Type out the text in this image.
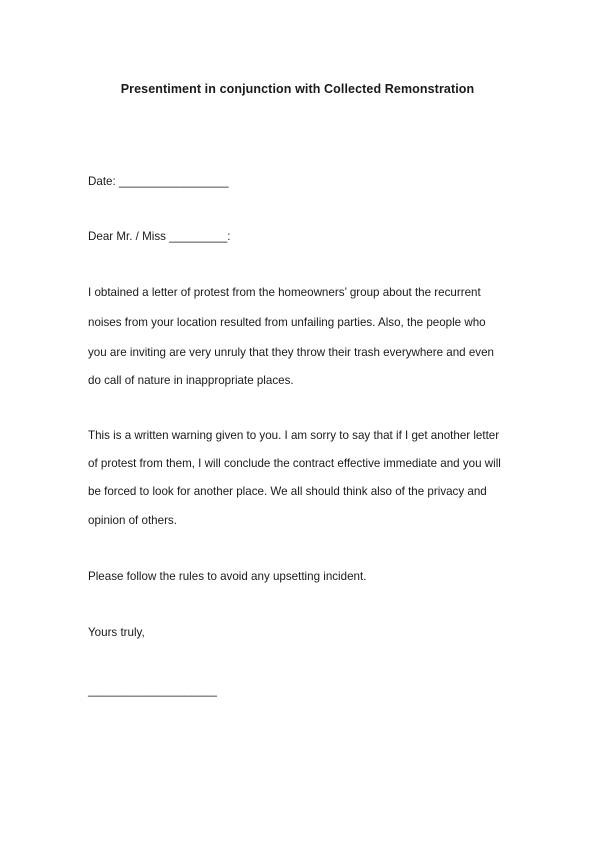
Presentiment in conjunction with Collected Remonstration
Date: _________________
Dear Mr. / Miss _________:
I obtained a letter of protest from the homeowners’ group about the recurrent
noises from your location resulted from unfailing parties. Also, the people who
you are inviting are very unruly that they throw their trash everywhere and even
do call of nature in inappropriate places.
This is a written warning given to you. I am sorry to say that if I get another letter
of protest from them, I will conclude the contract effective immediate and you will
be forced to look for another place. We all should think also of the privacy and
opinion of others.
Please follow the rules to avoid any upsetting incident.
Yours truly,
____________________
